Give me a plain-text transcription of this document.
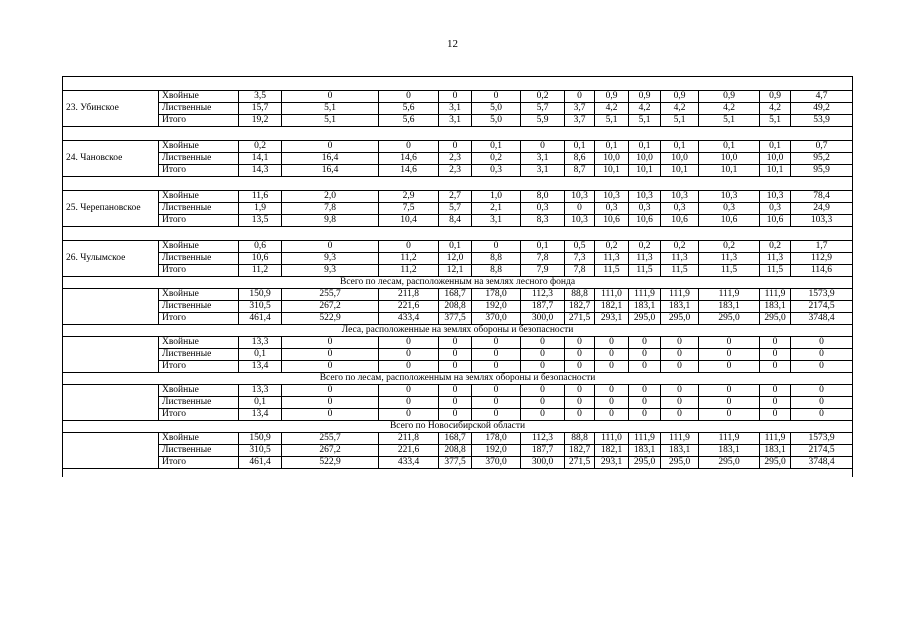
12

23. Убинское	Хвойные	3,5	0	0	0	0	0,2	0	0,9	0,9	0,9	0,9	0,9	4,7
	Лиственные	15,7	5,1	5,6	3,1	5,0	5,7	3,7	4,2	4,2	4,2	4,2	4,2	49,2
	Итого	19,2	5,1	5,6	3,1	5,0	5,9	3,7	5,1	5,1	5,1	5,1	5,1	53,9

24. Чановское	Хвойные	0,2	0	0	0	0,1	0	0,1	0,1	0,1	0,1	0,1	0,1	0,7
	Лиственные	14,1	16,4	14,6	2,3	0,2	3,1	8,6	10,0	10,0	10,0	10,0	10,0	95,2
	Итого	14,3	16,4	14,6	2,3	0,3	3,1	8,7	10,1	10,1	10,1	10,1	10,1	95,9

25. Черепановское	Хвойные	11,6	2,0	2,9	2,7	1,0	8,0	10,3	10,3	10,3	10,3	10,3	10,3	78,4
	Лиственные	1,9	7,8	7,5	5,7	2,1	0,3	0	0,3	0,3	0,3	0,3	0,3	24,9
	Итого	13,5	9,8	10,4	8,4	3,1	8,3	10,3	10,6	10,6	10,6	10,6	10,6	103,3

26. Чулымское	Хвойные	0,6	0	0	0,1	0	0,1	0,5	0,2	0,2	0,2	0,2	0,2	1,7
	Лиственные	10,6	9,3	11,2	12,0	8,8	7,8	7,3	11,3	11,3	11,3	11,3	11,3	112,9
	Итого	11,2	9,3	11,2	12,1	8,8	7,9	7,8	11,5	11,5	11,5	11,5	11,5	114,6
Всего по лесам, расположенным на землях лесного фонда														
	Хвойные	150,9	255,7	211,8	168,7	178,0	112,3	88,8	111,0	111,9	111,9	111,9	111,9	1573,9
	Лиственные	310,5	267,2	221,6	208,8	192,0	187,7	182,7	182,1	183,1	183,1	183,1	183,1	2174,5
	Итого	461,4	522,9	433,4	377,5	370,0	300,0	271,5	293,1	295,0	295,0	295,0	295,0	3748,4
Леса, расположенные на землях обороны и безопасности														
	Хвойные	13,3	0	0	0	0	0	0	0	0	0	0	0	0
	Лиственные	0,1	0	0	0	0	0	0	0	0	0	0	0	0
	Итого	13,4	0	0	0	0	0	0	0	0	0	0	0	0
Всего по лесам, расположенным на землях обороны и безопасности														
	Хвойные	13,3	0	0	0	0	0	0	0	0	0	0	0	0
	Лиственные	0,1	0	0	0	0	0	0	0	0	0	0	0	0
	Итого	13,4	0	0	0	0	0	0	0	0	0	0	0	0
Всего по Новосибирской области														
	Хвойные	150,9	255,7	211,8	168,7	178,0	112,3	88,8	111,0	111,9	111,9	111,9	111,9	1573,9
	Лиственные	310,5	267,2	221,6	208,8	192,0	187,7	182,7	182,1	183,1	183,1	183,1	183,1	2174,5
	Итого	461,4	522,9	433,4	377,5	370,0	300,0	271,5	293,1	295,0	295,0	295,0	295,0	3748,4
